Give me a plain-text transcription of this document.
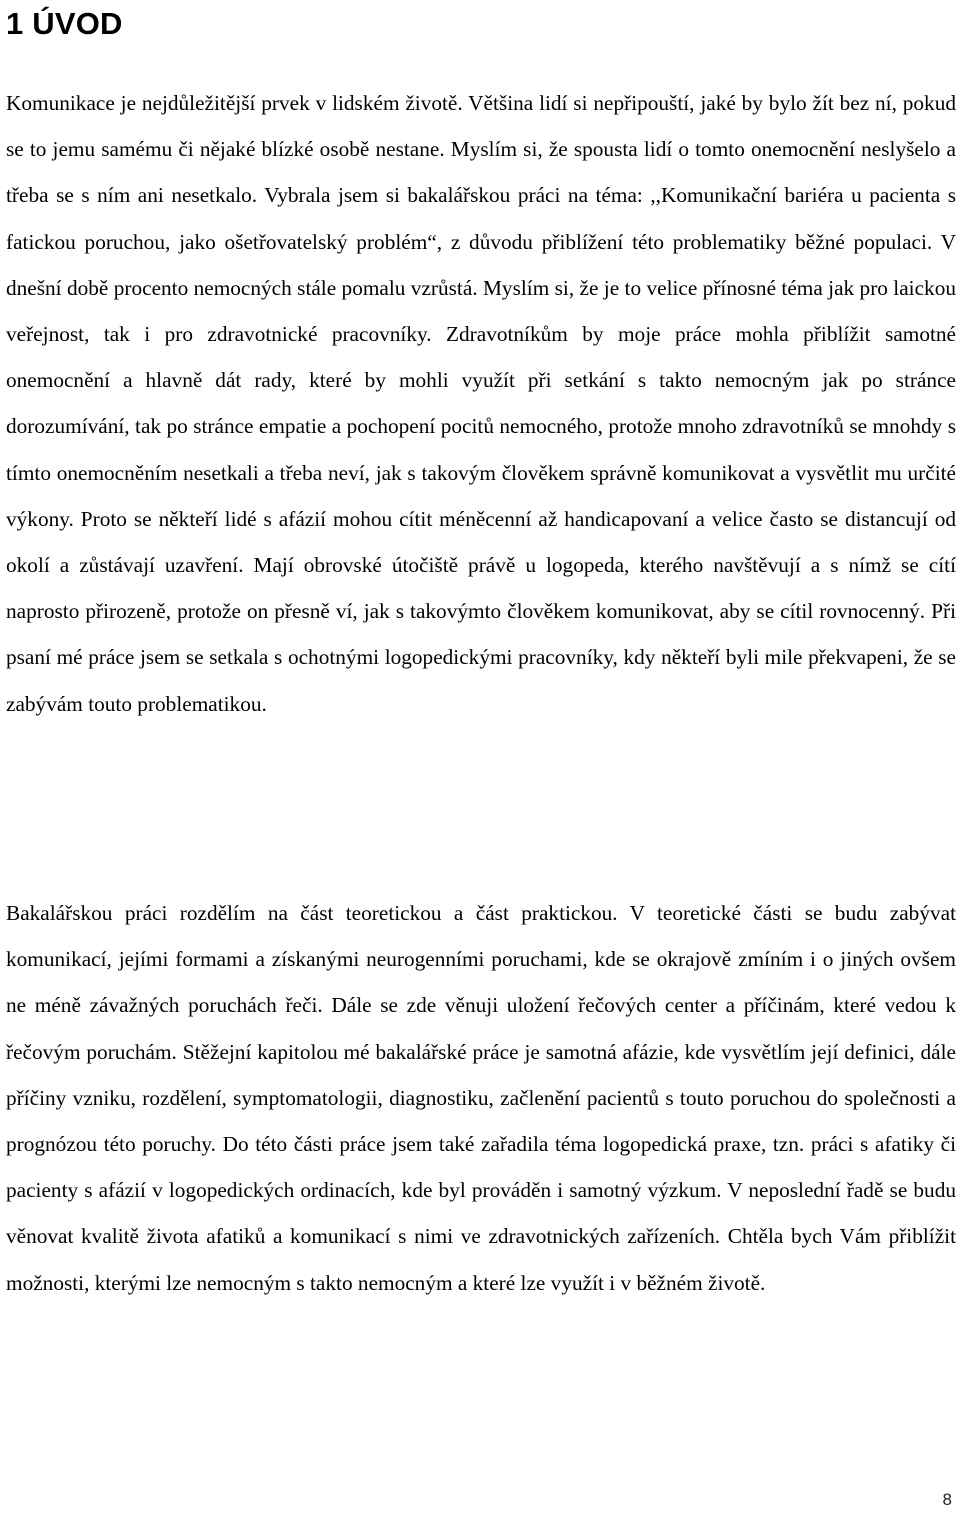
1 ÚVOD

Komunikace je nejdůležitější prvek v lidském životě. Většina lidí si nepřipouští, jaké by bylo žít bez ní, pokud se to jemu samému či nějaké blízké osobě nestane. Myslím si, že spousta lidí o tomto onemocnění neslyšelo a třeba se s ním ani nesetkalo. Vybrala jsem si bakalářskou práci na téma: ,,Komunikační bariéra u pacienta s fatickou poruchou, jako ošetřovatelský problém“, z důvodu přiblížení této problematiky běžné populaci. V dnešní době procento nemocných stále pomalu vzrůstá. Myslím si, že je to velice přínosné téma jak pro laickou veřejnost, tak i pro zdravotnické pracovníky. Zdravotníkům by moje práce mohla přiblížit samotné onemocnění a hlavně dát rady, které by mohli využít při setkání s takto nemocným jak po stránce dorozumívání, tak po stránce empatie a pochopení pocitů nemocného, protože mnoho zdravotníků se mnohdy s tímto onemocněním nesetkali a třeba neví, jak s takovým člověkem správně komunikovat a vysvětlit mu určité výkony. Proto se někteří lidé s afázií mohou cítit méněcenní až handicapovaní a velice často se distancují od okolí a zůstávají uzavření. Mají obrovské útočiště právě u logopeda, kterého navštěvují a s nímž se cítí naprosto přirozeně, protože on přesně ví, jak s takovýmto člověkem komunikovat, aby se cítil rovnocenný. Při psaní mé práce jsem se setkala s ochotnými logopedickými pracovníky, kdy někteří byli mile překvapeni, že se zabývám touto problematikou.

Bakalářskou práci rozdělím na část teoretickou a část praktickou. V teoretické části se budu zabývat komunikací, jejími formami a získanými neurogenními poruchami, kde se okrajově zmíním i o jiných ovšem ne méně závažných poruchách řeči. Dále se zde věnuji uložení řečových center a příčinám, které vedou k řečovým poruchám. Stěžejní kapitolou mé bakalářské práce je samotná afázie, kde vysvětlím její definici, dále příčiny vzniku, rozdělení, symptomatologii, diagnostiku, začlenění pacientů s touto poruchou do společnosti a prognózou této poruchy. Do této části práce jsem také zařadila téma logopedická praxe, tzn. práci s afatiky či pacienty s afázií v logopedických ordinacích, kde byl prováděn i samotný výzkum. V neposlední řadě se budu věnovat kvalitě života afatiků a komunikací s nimi ve zdravotnických zařízeních. Chtěla bych Vám přiblížit možnosti, kterými lze nemocným s takto nemocným a které lze využít i v běžném životě.

8
